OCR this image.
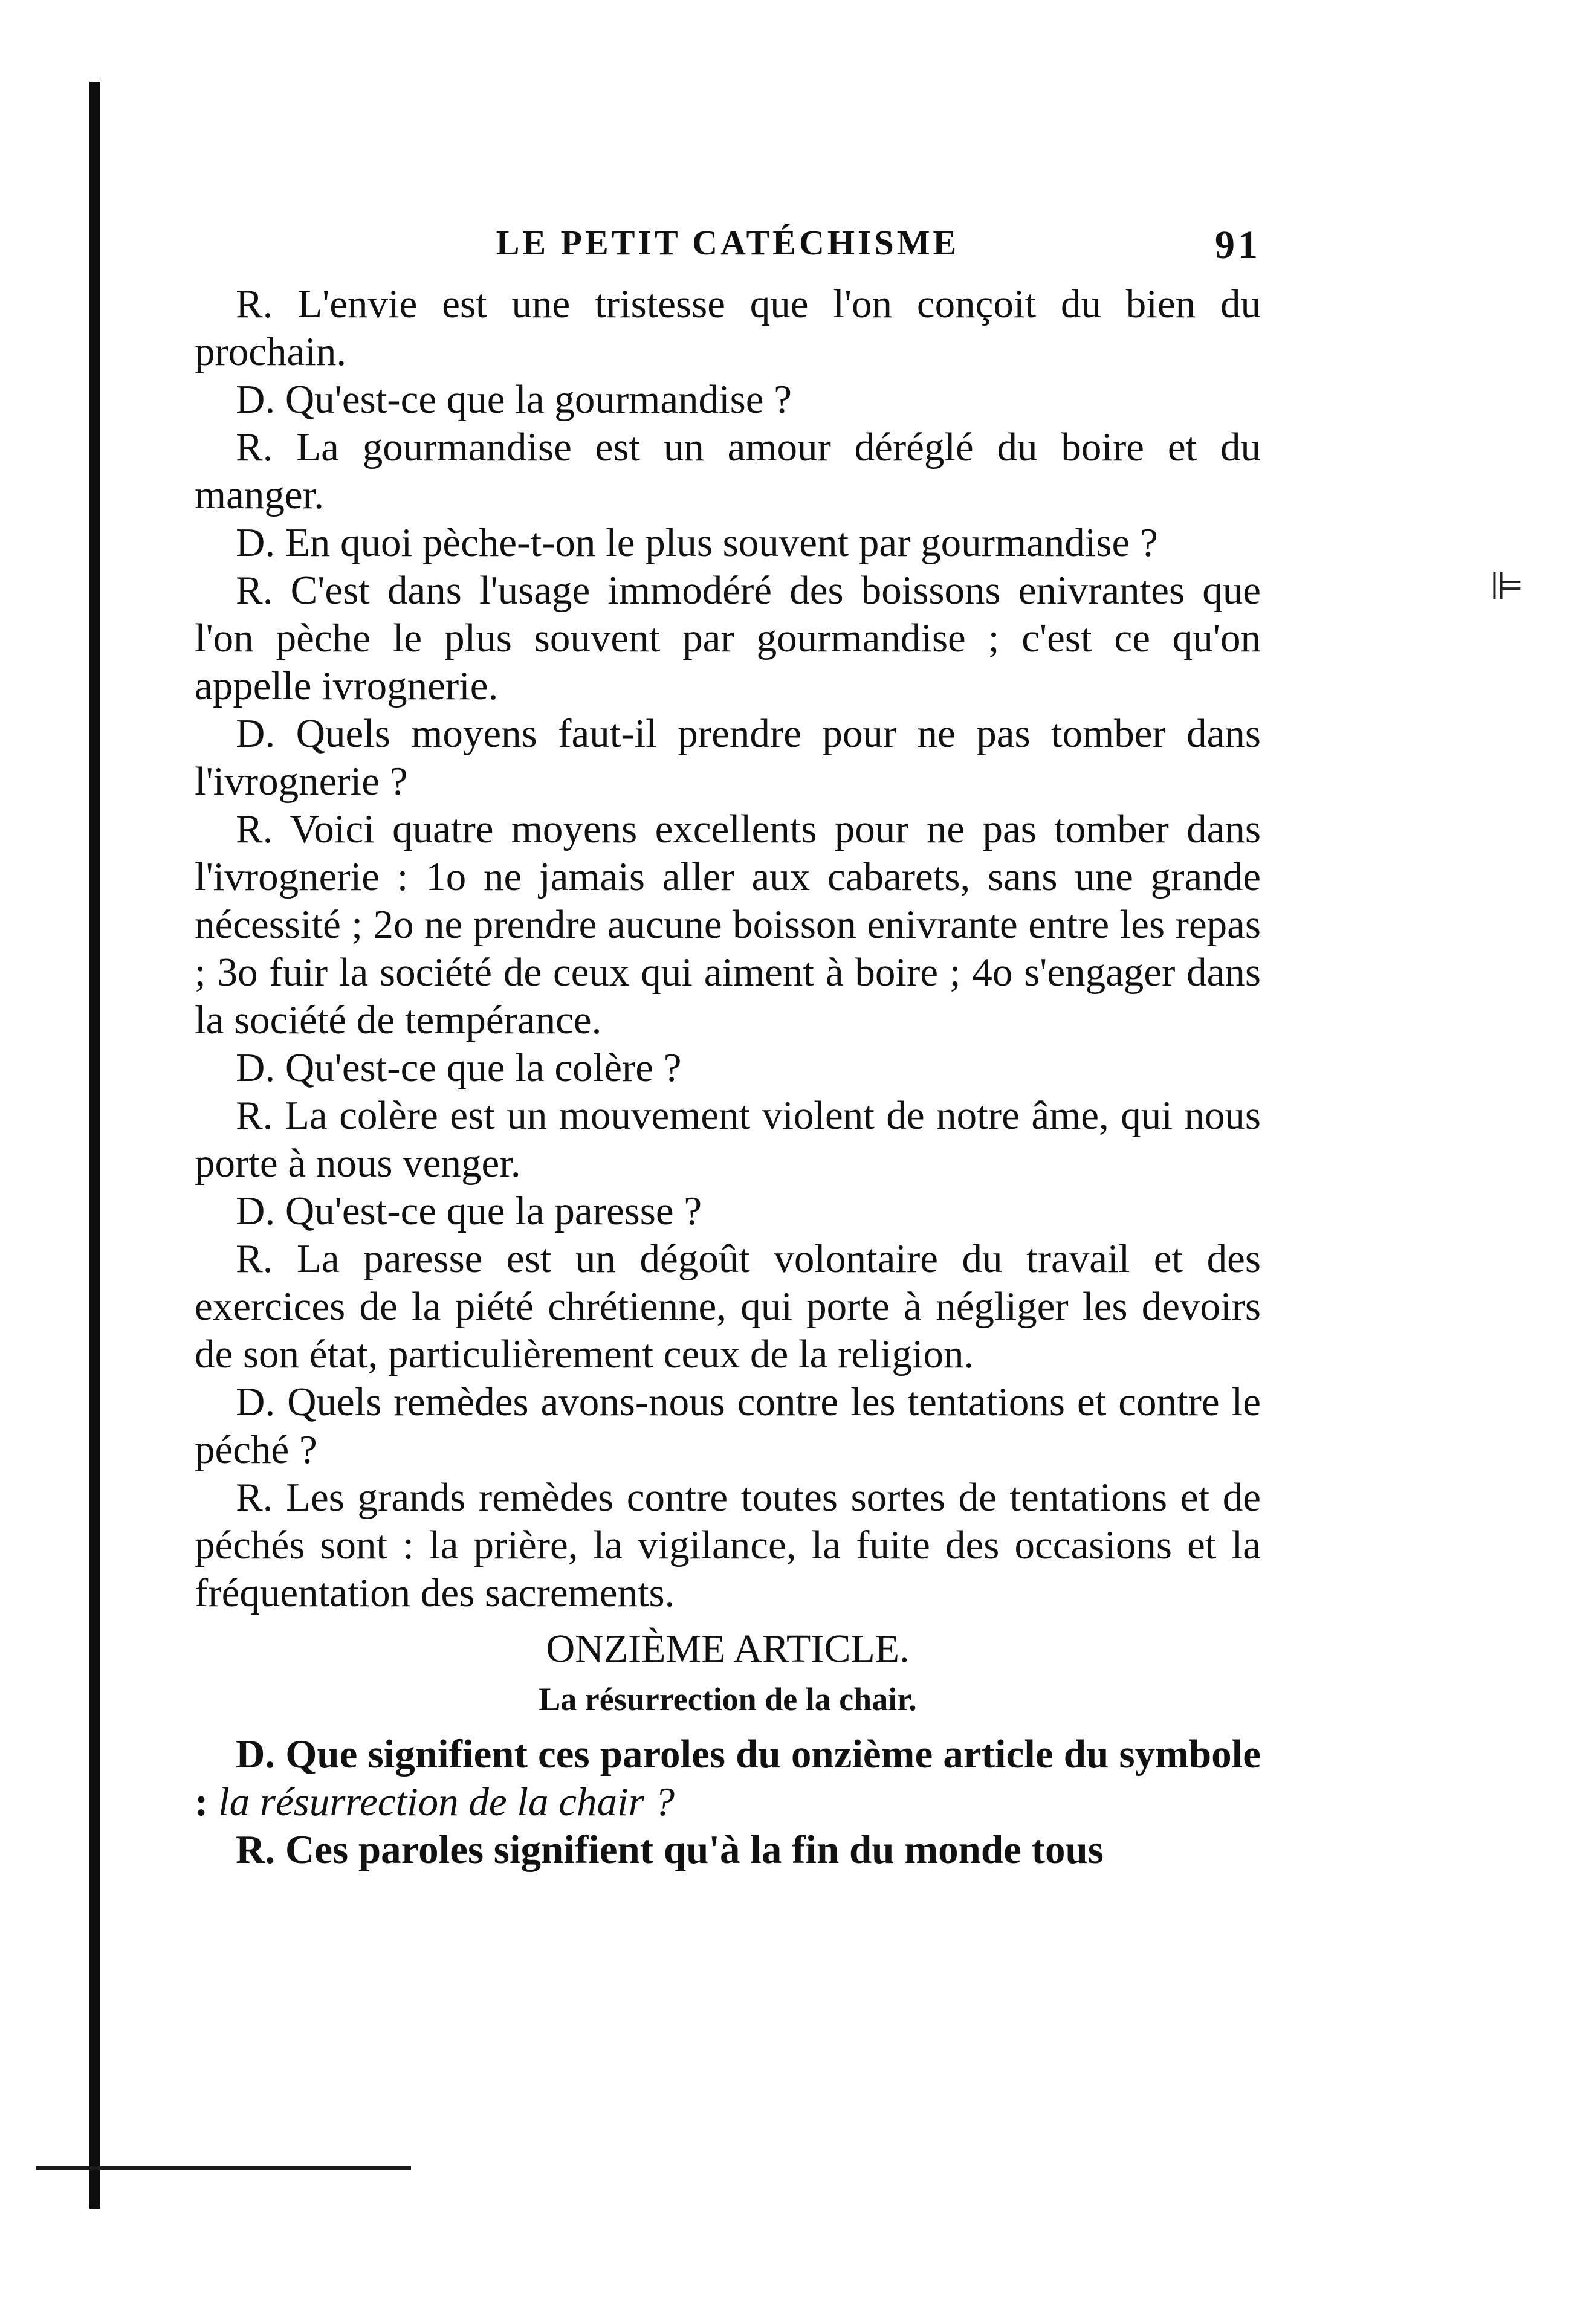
⊫
LE PETIT CATÉCHISME	91

R. L'envie est une tristesse que l'on conçoit du bien du prochain.

D. Qu'est-ce que la gourmandise ?

R. La gourmandise est un amour déréglé du boire et du manger.

D. En quoi pèche-t-on le plus souvent par gourmandise ?

R. C'est dans l'usage immodéré des boissons enivrantes que l'on pèche le plus souvent par gourmandise ; c'est ce qu'on appelle ivrognerie.

D. Quels moyens faut-il prendre pour ne pas tomber dans l'ivrognerie ?

R. Voici quatre moyens excellents pour ne pas tomber dans l'ivrognerie : 1o ne jamais aller aux cabarets, sans une grande nécessité ; 2o ne prendre aucune boisson enivrante entre les repas ; 3o fuir la société de ceux qui aiment à boire ; 4o s'engager dans la société de tempérance.

D. Qu'est-ce que la colère ?

R. La colère est un mouvement violent de notre âme, qui nous porte à nous venger.

D. Qu'est-ce que la paresse ?

R. La paresse est un dégoût volontaire du travail et des exercices de la piété chrétienne, qui porte à négliger les devoirs de son état, particulièrement ceux de la religion.

D. Quels remèdes avons-nous contre les tentations et contre le péché ?

R. Les grands remèdes contre toutes sortes de tentations et de péchés sont : la prière, la vigilance, la fuite des occasions et la fréquentation des sacrements.

ONZIÈME ARTICLE.
La résurrection de la chair.

D. Que signifient ces paroles du onzième article du symbole : la résurrection de la chair ?

R. Ces paroles signifient qu'à la fin du monde tous
